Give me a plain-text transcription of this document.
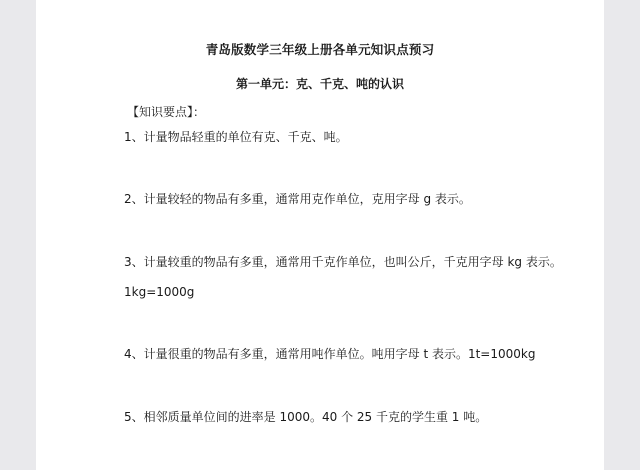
青岛版数学三年级上册各单元知识点预习
第一单元：克、千克、吨的认识
【知识要点】：
1、计量物品轻重的单位有克、千克、吨。
2、计量较轻的物品有多重，通常用克作单位，克用字母 g 表示。
3、计量较重的物品有多重，通常用千克作单位，也叫公斤，千克用字母 kg 表示。
1kg=1000g
4、计量很重的物品有多重，通常用吨作单位。吨用字母 t 表示。1t=1000kg
5、相邻质量单位间的进率是 1000。40 个 25 千克的学生重 1 吨。
